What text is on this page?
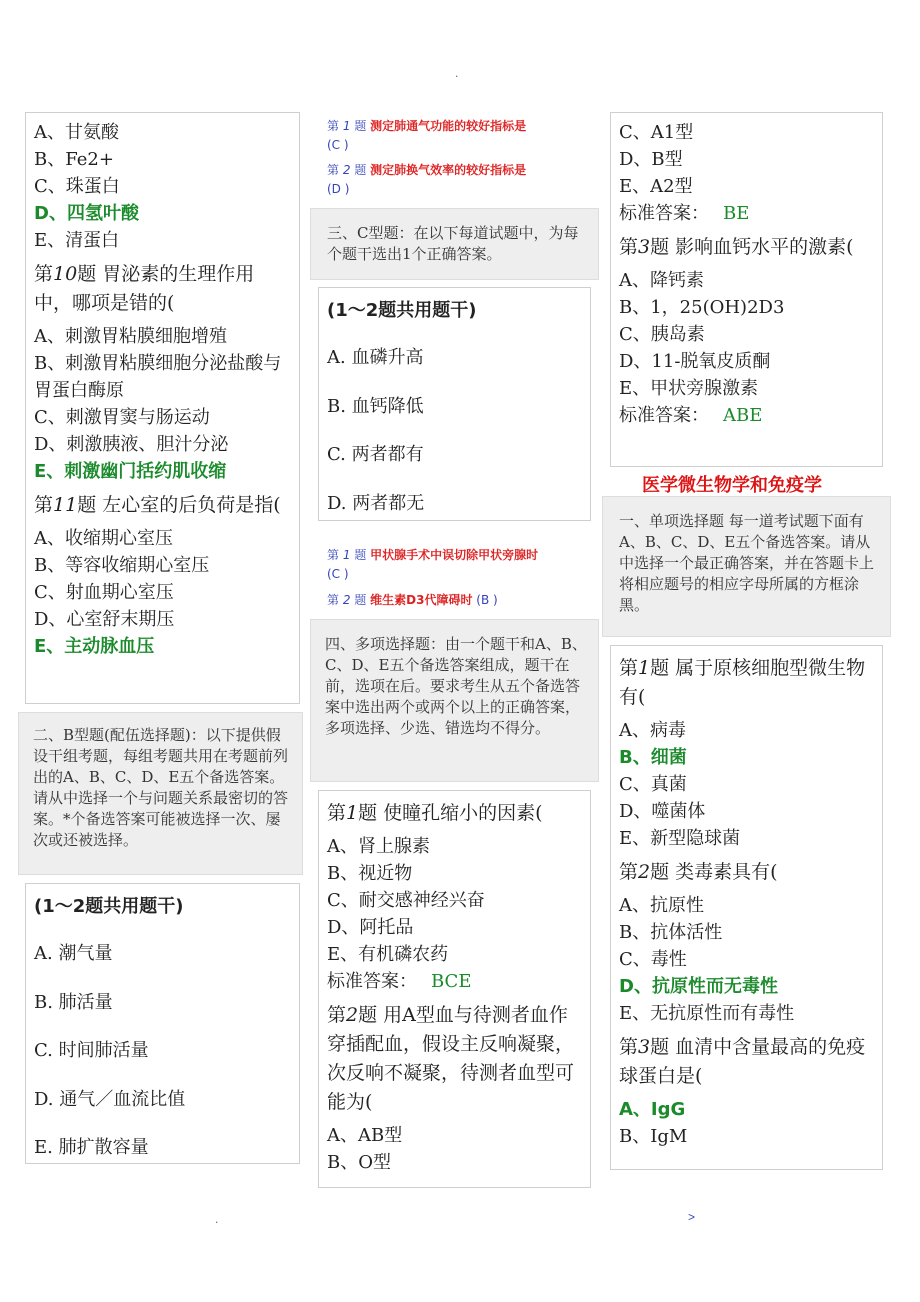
.
A、甘氨酸
B、Fe2+
C、珠蛋白
D、四氢叶酸
E、清蛋白
第10题 胃泌素的生理作用中，哪项是错的(
A、刺激胃粘膜细胞增殖
B、刺激胃粘膜细胞分泌盐酸与胃蛋白酶原
C、刺激胃窦与肠运动
D、刺激胰液、胆汁分泌
E、刺激幽门括约肌收缩
第11题 左心室的后负荷是指(
A、收缩期心室压
B、等容收缩期心室压
C、射血期心室压
D、心室舒末期压
E、主动脉血压
二、B型题(配伍选择题)：以下提供假设干组考题，每组考题共用在考题前列出的A、B、C、D、E五个备选答案。请从中选择一个与问题关系最密切的答案。*个备选答案可能被选择一次、屡次或还被选择。
(1～2题共用题干)
A. 潮气量
B. 肺活量
C. 时间肺活量
D. 通气／血流比值
E. 肺扩散容量
第 1 题 测定肺通气功能的较好指标是
(C )
第 2 题 测定肺换气效率的较好指标是
(D )
三、C型题：在以下每道试题中，为每个题干选出1个正确答案。
(1～2题共用题干)
A. 血磷升高
B. 血钙降低
C. 两者都有
D. 两者都无
第 1 题 甲状腺手术中误切除甲状旁腺时
(C )
第 2 题 维生素D3代障碍时 (B )
四、多项选择题：由一个题干和A、B、C、D、E五个备选答案组成，题干在前，选项在后。要求考生从五个备选答案中选出两个或两个以上的正确答案，多项选择、少选、错选均不得分。
第1题 使瞳孔缩小的因素(
A、肾上腺素
B、视近物
C、耐交感神经兴奋
D、阿托品
E、有机磷农药
标准答案： BCE
第2题 用A型血与待测者血作穿插配血，假设主反响凝聚，次反响不凝聚，待测者血型可能为(
A、AB型
B、O型
C、A1型
D、B型
E、A2型
标准答案： BE
第3题 影响血钙水平的激素(
A、降钙素
B、1，25(OH)2D3
C、胰岛素
D、11-脱氧皮质酮
E、甲状旁腺激素
标准答案： ABE
医学微生物学和免疫学
一、单项选择题 每一道考试题下面有A、B、C、D、E五个备选答案。请从中选择一个最正确答案，并在答题卡上将相应题号的相应字母所属的方框涂黑。
第1题 属于原核细胞型微生物有(
A、病毒
B、细菌
C、真菌
D、噬菌体
E、新型隐球菌
第2题 类毒素具有(
A、抗原性
B、抗体活性
C、毒性
D、抗原性而无毒性
E、无抗原性而有毒性
第3题 血清中含量最高的免疫球蛋白是(
A、IgG
B、IgM
.	>
